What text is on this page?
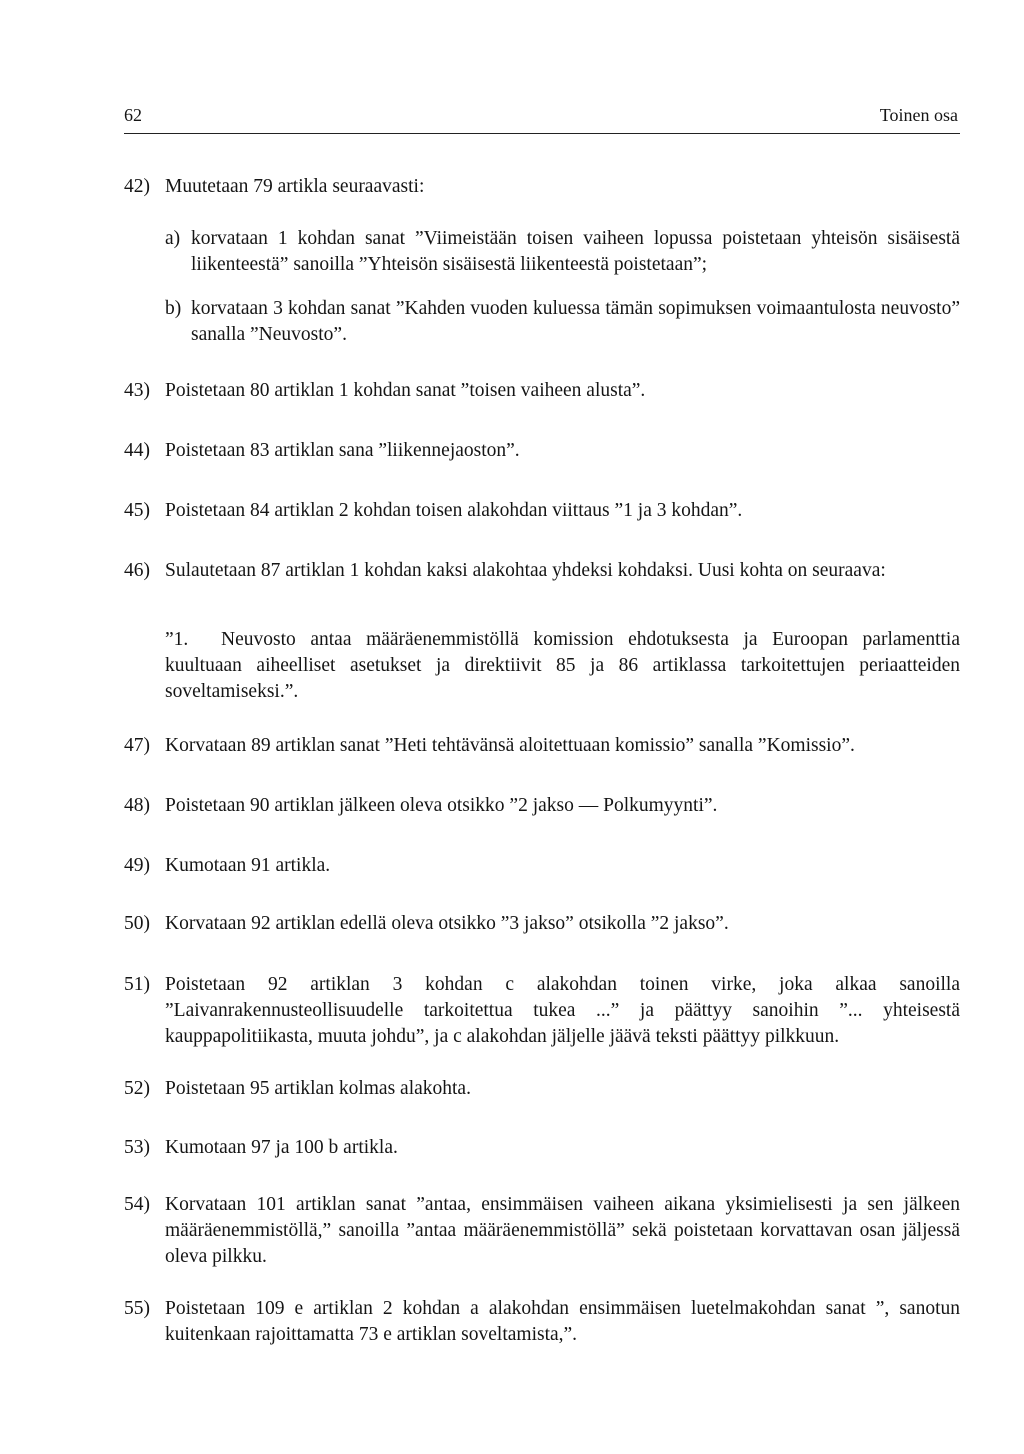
62	Toinen osa
42) Muutetaan 79 artikla seuraavasti:
a) korvataan 1 kohdan sanat ”Viimeistään toisen vaiheen lopussa poistetaan yhteisön sisäisestä liikenteestä” sanoilla ”Yhteisön sisäisestä liikenteestä poistetaan”;
b) korvataan 3 kohdan sanat ”Kahden vuoden kuluessa tämän sopimuksen voimaantulosta neuvosto” sanalla ”Neuvosto”.
43) Poistetaan 80 artiklan 1 kohdan sanat ”toisen vaiheen alusta”.
44) Poistetaan 83 artiklan sana ”liikennejaoston”.
45) Poistetaan 84 artiklan 2 kohdan toisen alakohdan viittaus ”1 ja 3 kohdan”.
46) Sulautetaan 87 artiklan 1 kohdan kaksi alakohtaa yhdeksi kohdaksi. Uusi kohta on seuraava:
”1.	Neuvosto antaa määräenemmistöllä komission ehdotuksesta ja Euroopan parlamenttia kuultuaan aiheelliset asetukset ja direktiivit 85 ja 86 artiklassa tarkoitettujen periaatteiden soveltamiseksi.”.
47) Korvataan 89 artiklan sanat ”Heti tehtävänsä aloitettuaan komissio” sanalla ”Komissio”.
48) Poistetaan 90 artiklan jälkeen oleva otsikko ”2 jakso — Polkumyynti”.
49) Kumotaan 91 artikla.
50) Korvataan 92 artiklan edellä oleva otsikko ”3 jakso” otsikolla ”2 jakso”.
51) Poistetaan 92 artiklan 3 kohdan c alakohdan toinen virke, joka alkaa sanoilla ”Laivanrakennusteollisuudelle tarkoitettua tukea ...” ja päättyy sanoihin ”... yhteisestä kauppapolitiikasta, muuta johdu”, ja c alakohdan jäljelle jäävä teksti päättyy pilkkuun.
52) Poistetaan 95 artiklan kolmas alakohta.
53) Kumotaan 97 ja 100 b artikla.
54) Korvataan 101 artiklan sanat ”antaa, ensimmäisen vaiheen aikana yksimielisesti ja sen jälkeen määräenemmistöllä,” sanoilla ”antaa määräenemmistöllä” sekä poistetaan korvattavan osan jäljessä oleva pilkku.
55) Poistetaan 109 e artiklan 2 kohdan a alakohdan ensimmäisen luetelmakohdan sanat ”, sanotun kuitenkaan rajoittamatta 73 e artiklan soveltamista,”.
